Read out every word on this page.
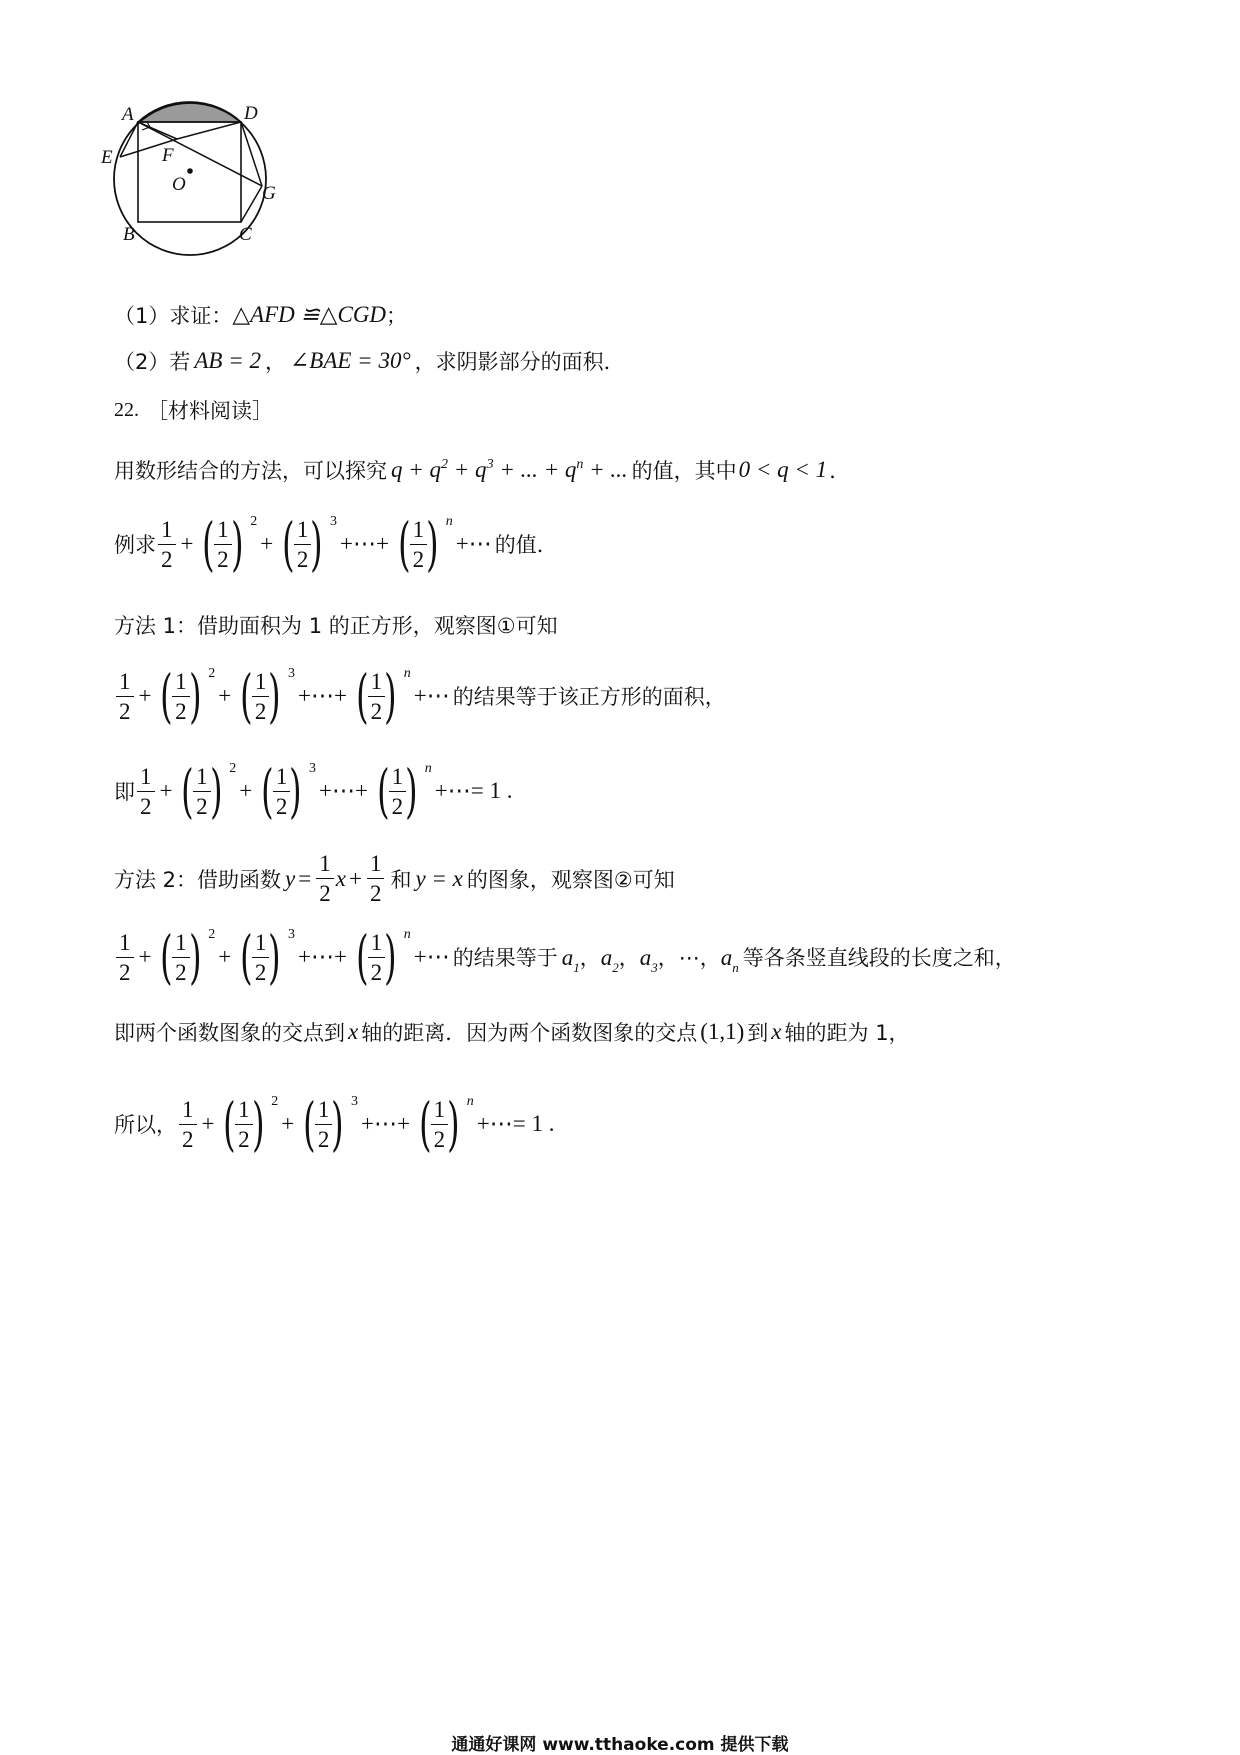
A	D
E	F
O	G
B	C
（1）求证： △AFD ≌△CGD ；
（2）若 AB = 2 ， ∠BAE = 30° ，求阴影部分的面积．
22. ［材料阅读］
用数形结合的方法，可以探究 $q + q^2 + q^3$ + ... + $q^n$ + ... 的值，其中 0 < q < 1 ．
例求 $\frac{1}{2}$ + ( $\frac{1}{2}$ ) 2
+ ( $\frac{1}{2}$ ) 3
+⋯+ ( $\frac{1}{2}$ ) n
+⋯ 的值．
方法 1：借助面积为 1 的正方形，观察图①可知
$\frac{1}{2}$ + ( $\frac{1}{2}$ ) 2
+ ( $\frac{1}{2}$ ) 3
+⋯+ ( $\frac{1}{2}$ ) n
+⋯ 的结果等于该正方形的面积，
即 $\frac{1}{2}$ + ( $\frac{1}{2}$ ) 2
+ ( $\frac{1}{2}$ ) 3
+⋯+ ( $\frac{1}{2}$ ) n
+⋯= 1 .
方法 2：借助函数 $y = \frac{1}{2}$ $x + \frac{1}{2}$ 和 y = x 的图象，观察图②可知
$\frac{1}{2}$ + ( $\frac{1}{2}$ ) 2
+ ( $\frac{1}{2}$ ) 3
+⋯+ ( $\frac{1}{2}$ ) n
+⋯ 的结果等于 $a_1$，$a_2$，$a_3$，⋯，$a_n$ 等各条竖直线段的长度之和，
即两个函数图象的交点到 x 轴的距离．因为两个函数图象的交点 (1,1) 到 x 轴的距为 1，
所以， $\frac{1}{2}$ + ( $\frac{1}{2}$ ) 2
+ ( $\frac{1}{2}$ ) 3
+⋯+ ( $\frac{1}{2}$ ) n
+⋯= 1 .
通通好课网 www.tthaoke.com 提供下载
